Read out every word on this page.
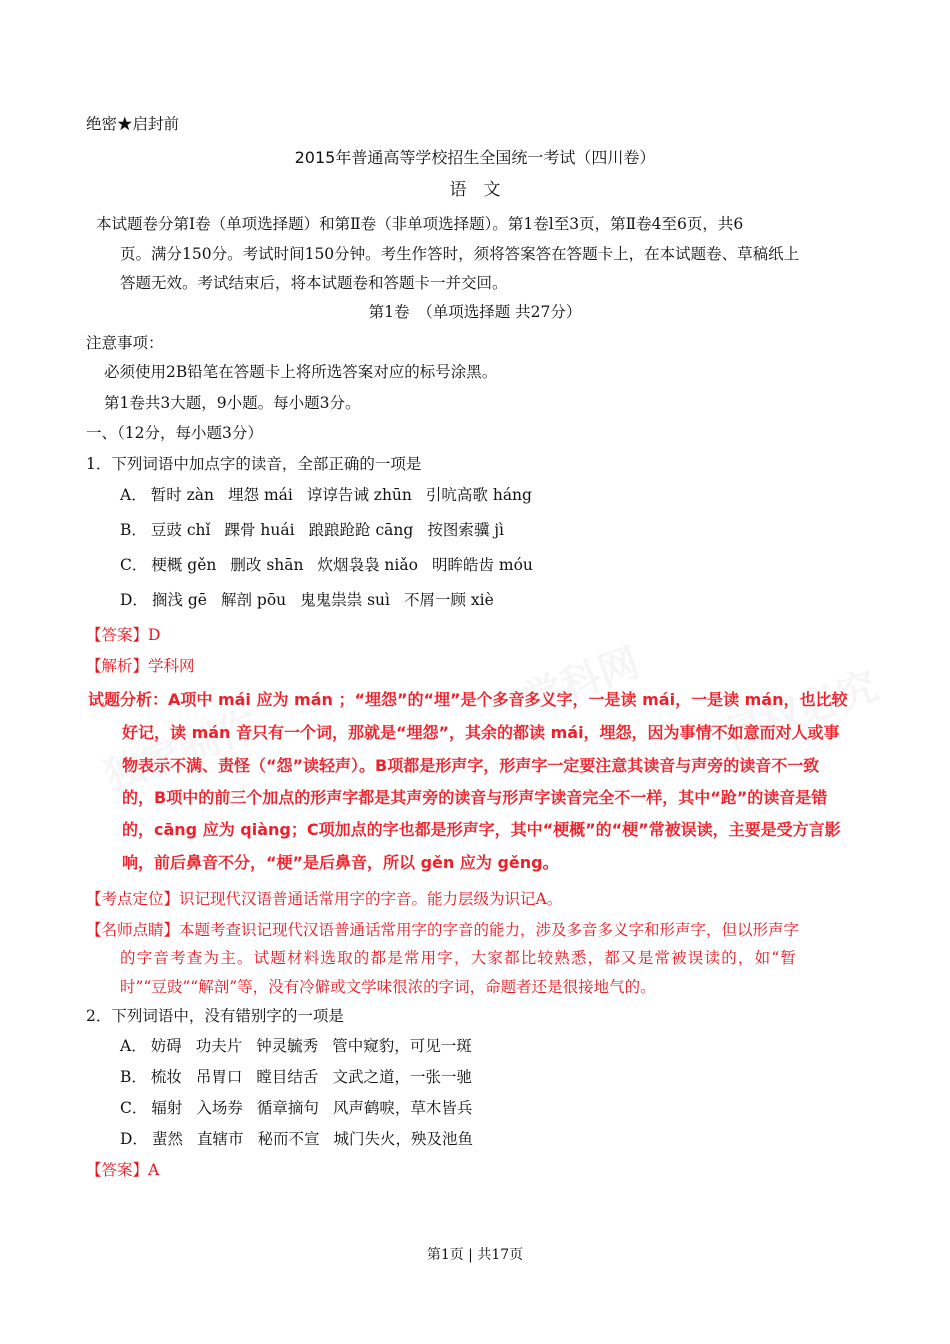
学科网
独家制作	侵权必究
绝密★启封前
2015年普通高等学校招生全国统一考试（四川卷）
语　文
本试题卷分第Ⅰ卷（单项选择题）和第Ⅱ卷（非单项选择题）。第1卷l至3页，第Ⅱ卷4至6页，共6
页。满分150分。考试时间150分钟。考生作答时，须将答案答在答题卡上，在本试题卷、草稿纸上
答题无效。考试结束后，将本试题卷和答题卡一并交回。
第1卷　（单项选择题 共27分）
注意事项：
必须使用2B铅笔在答题卡上将所选答案对应的标号涂黑。
第1卷共3大题，9小题。每小题3分。
一、（12分，每小题3分）
1．下列词语中加点字的读音，全部正确的一项是
A． 暂时 zàn 埋怨 mái 谆谆告诫 zhūn 引吭高歌 háng
B． 豆豉 chǐ 踝骨 huái 踉踉跄跄 cāng 按图索骥 jì
C． 梗概 gěn 删改 shān 炊烟袅袅 niǎo 明眸皓齿 móu
D． 搁浅 gē 解剖 pōu 鬼鬼祟祟 suì 不屑一顾 xiè
【答案】D
【解析】学科网
试题分析：A项中 mái 应为 mán ；“埋怨”的“埋”是个多音多义字，一是读 mái，一是读 mán，也比较
好记，读 mán 音只有一个词，那就是“埋怨”，其余的都读 mái，埋怨，因为事情不如意而对人或事
物表示不满、责怪（“怨”读轻声）。B项都是形声字，形声字一定要注意其读音与声旁的读音不一致
的，B项中的前三个加点的形声字都是其声旁的读音与形声字读音完全不一样，其中“跄”的读音是错
的，cāng 应为 qiàng；C项加点的字也都是形声字，其中“梗概”的“梗”常被误读，主要是受方言影
响，前后鼻音不分，“梗”是后鼻音，所以 gěn 应为 gěng。
【考点定位】识记现代汉语普通话常用字的字音。能力层级为识记A。
【名师点睛】本题考查识记现代汉语普通话常用字的字音的能力，涉及多音多义字和形声字，但以形声字
的字音考查为主。试题材料选取的都是常用字，大家都比较熟悉，都又是常被误读的，如“暂
时”“豆豉”“解剖”等，没有冷僻或文学味很浓的字词，命题者还是很接地气的。
2．下列词语中，没有错别字的一项是
A． 妨碍 功夫片 钟灵毓秀 管中窥豹，可见一斑
B． 梳妆 吊胃口 瞠目结舌 文武之道，一张一驰
C． 辐射 入场券 循章摘句 风声鹤唳，草木皆兵
D． 蜚然 直辖市 秘而不宣 城门失火，殃及池鱼
【答案】A
第1页 | 共17页
